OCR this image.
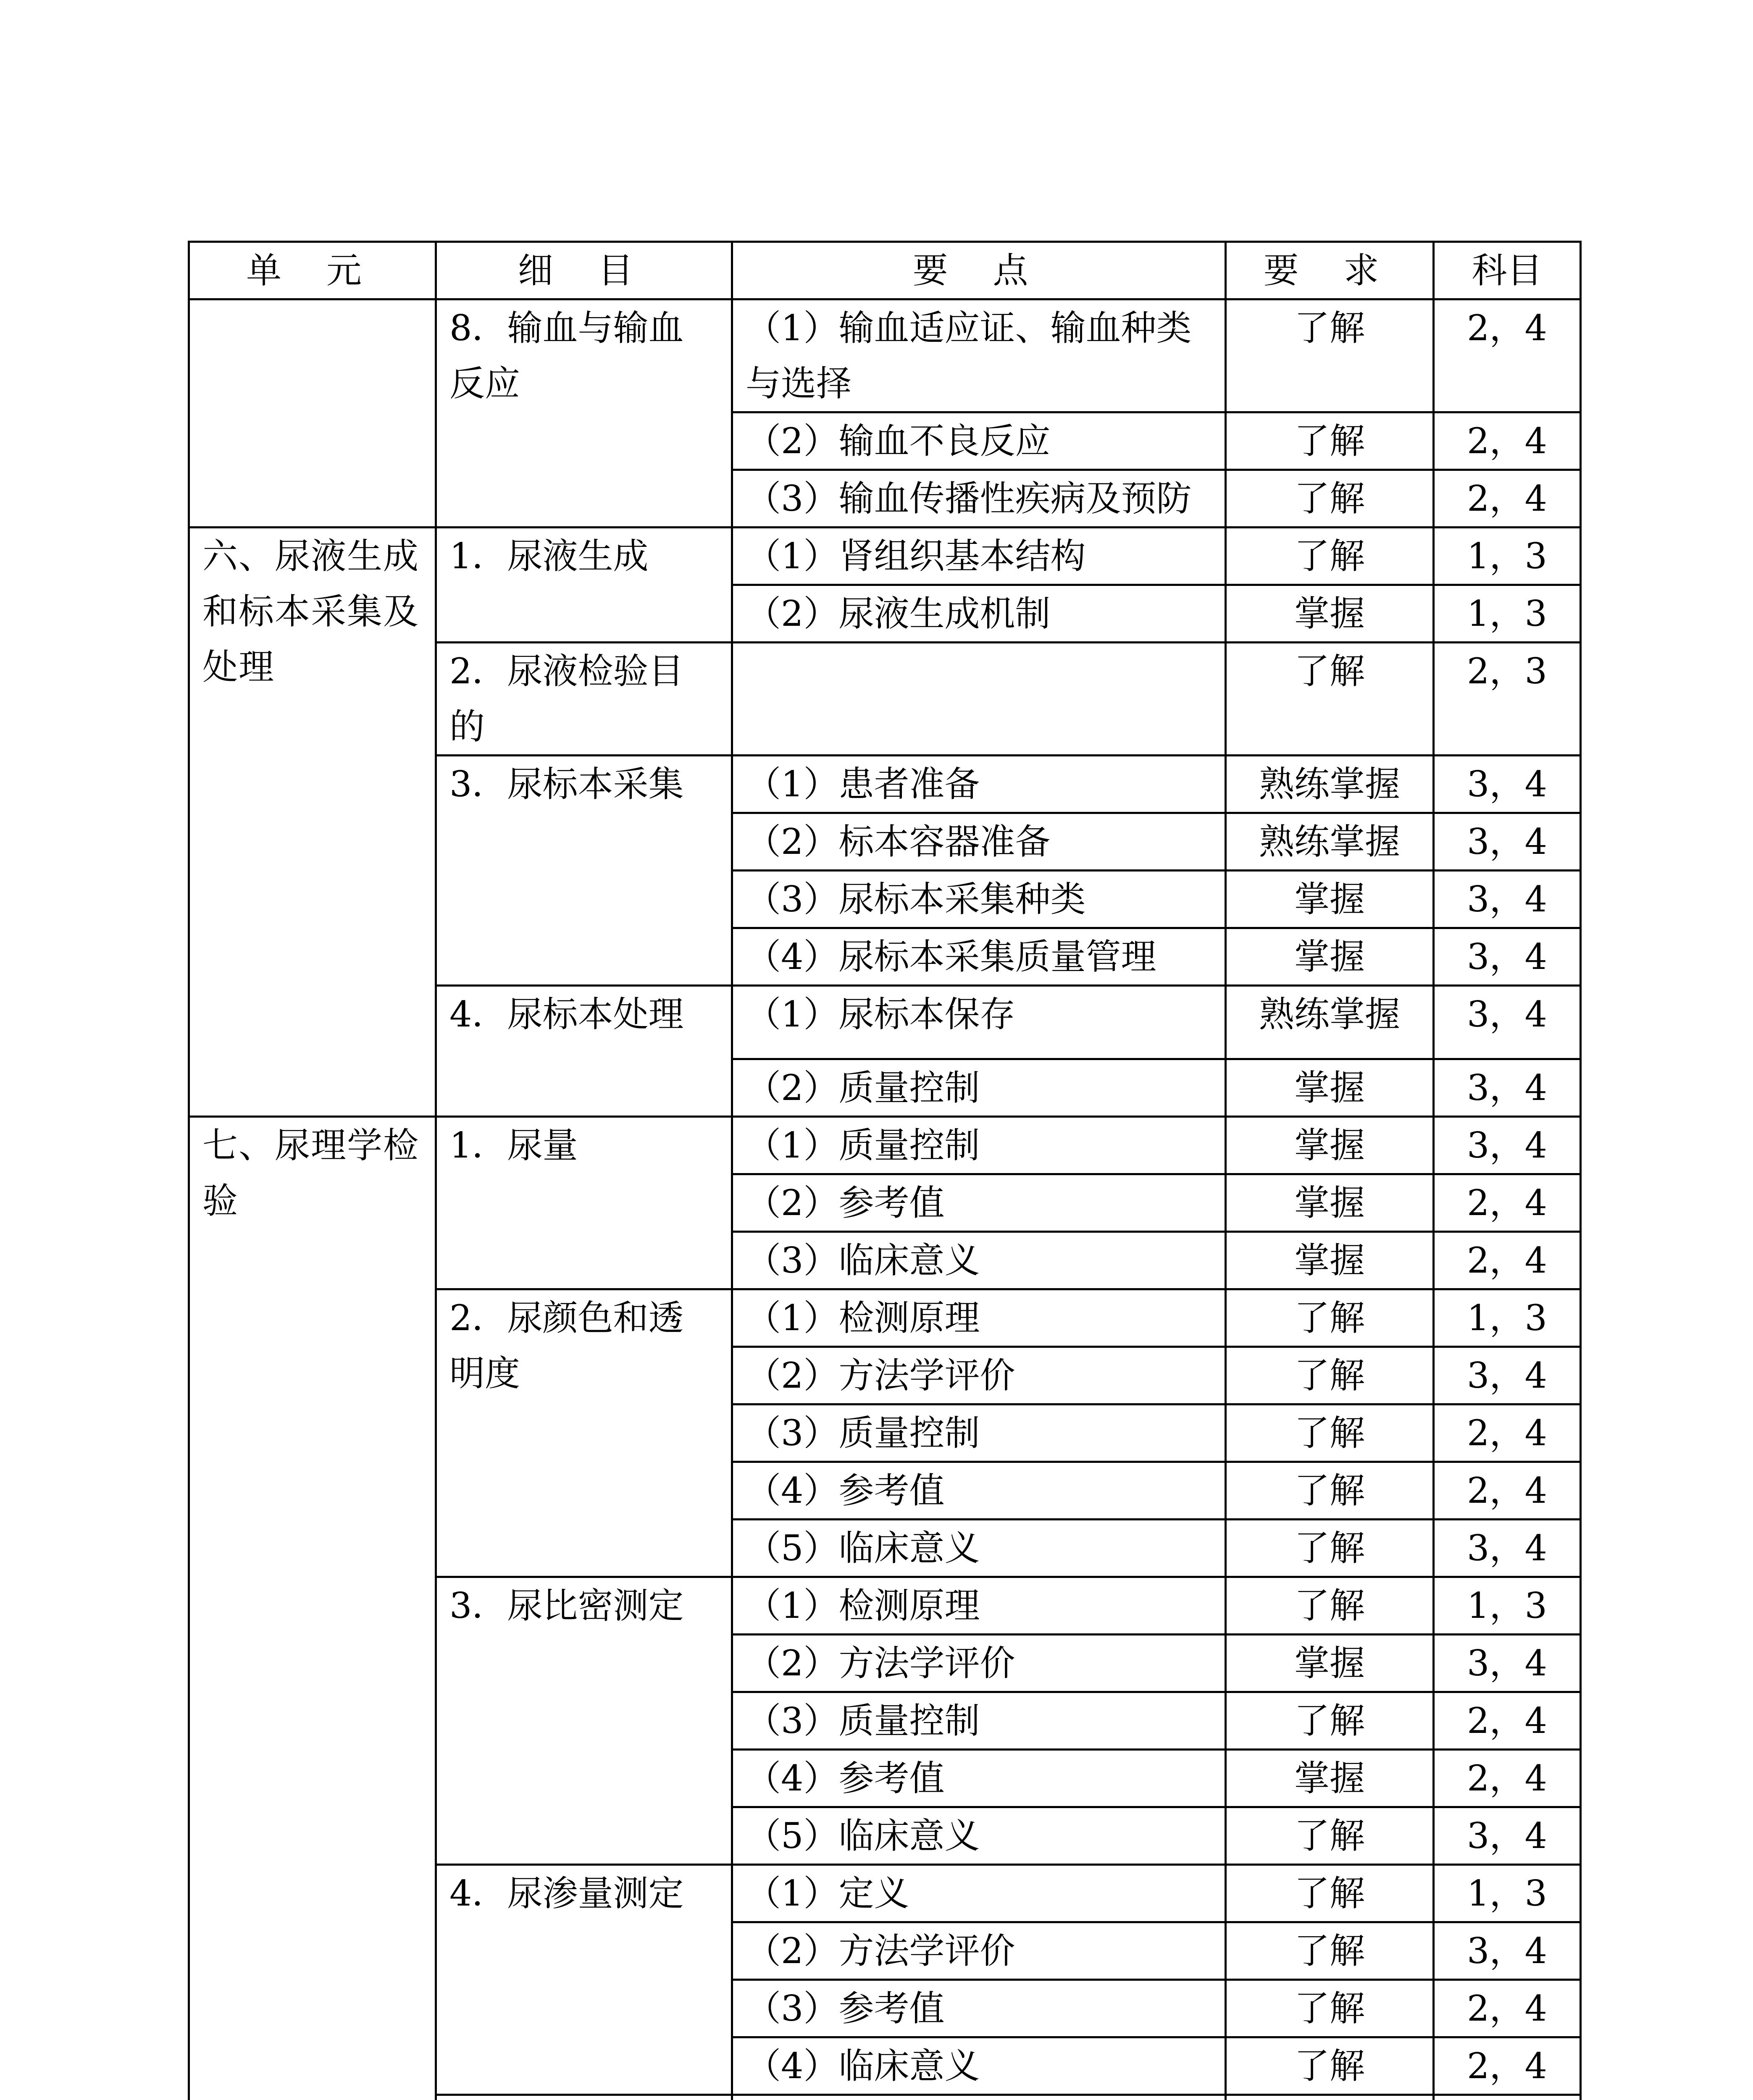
单 元	细 目	要 点	要 求	科目
	8．输血与输血反应	（1）输血适应证、输血种类与选择	了解	2，4
		（2）输血不良反应	了解	2，4
		（3）输血传播性疾病及预防	了解	2，4
六、尿液生成和标本采集及处理	1．尿液生成	（1）肾组织基本结构	了解	1，3
		（2）尿液生成机制	掌握	1，3
	2．尿液检验目的		了解	2，3
	3．尿标本采集	（1）患者准备	熟练掌握	3，4
		（2）标本容器准备	熟练掌握	3，4
		（3）尿标本采集种类	掌握	3，4
		（4）尿标本采集质量管理	掌握	3，4
	4．尿标本处理	（1）尿标本保存	熟练掌握	3，4
		（2）质量控制	掌握	3，4
七、尿理学检验	1．尿量	（1）质量控制	掌握	3，4
		（2）参考值	掌握	2，4
		（3）临床意义	掌握	2，4
	2．尿颜色和透明度	（1）检测原理	了解	1，3
		（2）方法学评价	了解	3，4
		（3）质量控制	了解	2，4
		（4）参考值	了解	2，4
		（5）临床意义	了解	3，4
	3．尿比密测定	（1）检测原理	了解	1，3
		（2）方法学评价	掌握	3，4
		（3）质量控制	了解	2，4
		（4）参考值	掌握	2，4
		（5）临床意义	了解	3，4
	4．尿渗量测定	（1）定义	了解	1，3
		（2）方法学评价	了解	3，4
		（3）参考值	了解	2，4
		（4）临床意义	了解	2，4
